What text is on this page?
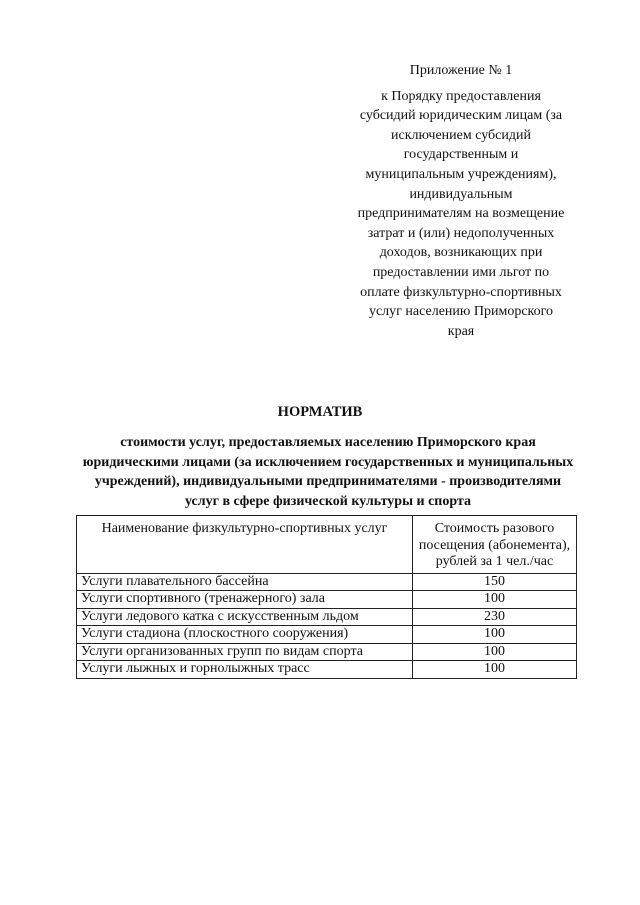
Приложение № 1
к Порядку предоставления субсидий юридическим лицам (за исключением субсидий государственным и муниципальным учреждениям), индивидуальным предпринимателям на возмещение затрат и (или) недополученных доходов, возникающих при предоставлении ими льгот по оплате физкультурно-спортивных услуг населению Приморского края
НОРМАТИВ
стоимости услуг, предоставляемых населению Приморского края юридическими лицами (за исключением государственных и муниципальных учреждений), индивидуальными предпринимателями - производителями услуг в сфере физической культуры и спорта
Наименование физкультурно-спортивных услуг	Стоимость разового посещения (абонемента), рублей за 1 чел./час
Услуги плавательного бассейна	150
Услуги спортивного (тренажерного) зала	100
Услуги ледового катка с искусственным льдом	230
Услуги стадиона (плоскостного сооружения)	100
Услуги организованных групп по видам спорта	100
Услуги лыжных и горнолыжных трасс	100
